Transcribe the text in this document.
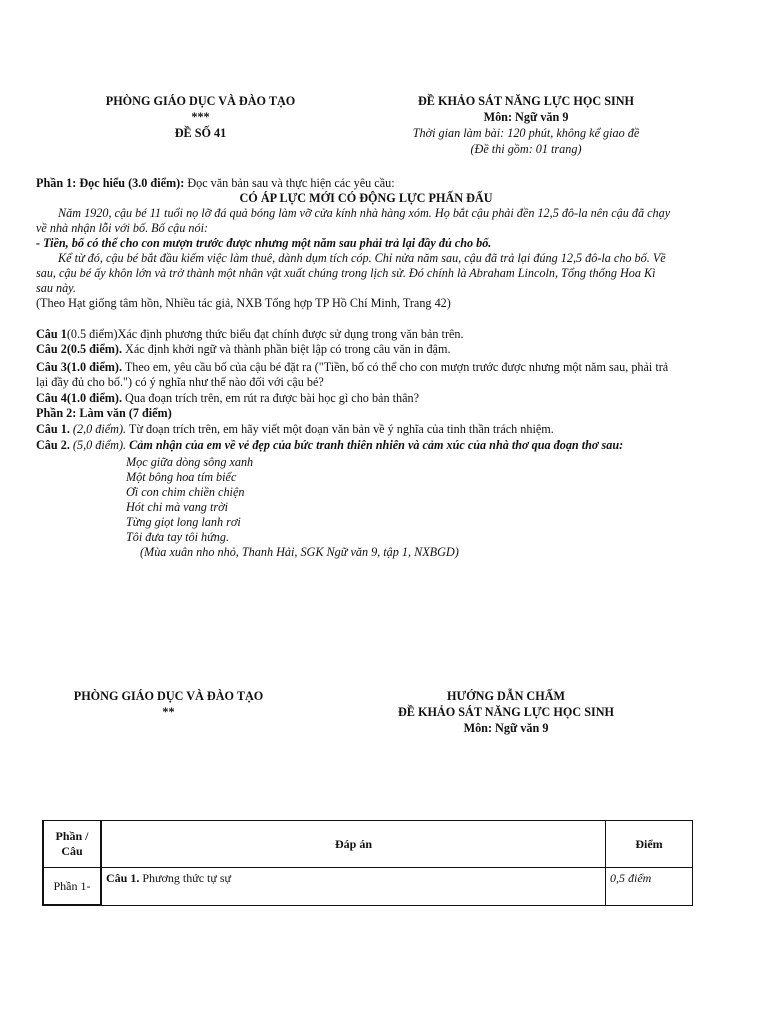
PHÒNG GIÁO DỤC VÀ ĐÀO TẠO
***
ĐỀ SỐ 41
ĐỀ KHẢO SÁT NĂNG LỰC HỌC SINH
Môn: Ngữ văn 9
Thời gian làm bài: 120 phút, không kể giao đề
(Đề thi gồm: 01 trang)
Phần 1: Đọc hiểu (3.0 điểm): Đọc văn bản sau và thực hiện các yêu cầu:
CÓ ÁP LỰC MỚI CÓ ĐỘNG LỰC PHẤN ĐẤU
Năm 1920, cậu bé 11 tuổi nọ lỡ đá quả bóng làm vỡ cửa kính nhà hàng xóm. Họ bắt cậu phải đền 12,5 đô-la nên cậu đã chạy
về nhà nhận lỗi với bố. Bố cậu nói:
- Tiền, bố có thể cho con mượn trước được nhưng một năm sau phải trả lại đầy đủ cho bố.
Kể từ đó, cậu bé bắt đầu kiếm việc làm thuê, dành dụm tích cóp. Chỉ nửa năm sau, cậu đã trả lại đúng 12,5 đô-la cho bố. Về
sau, cậu bé ấy khôn lớn và trở thành một nhân vật xuất chúng trong lịch sử. Đó chính là Abraham Lincoln, Tổng thống Hoa Kì
sau này.
(Theo Hạt giống tâm hồn, Nhiều tác giả, NXB Tổng hợp TP Hồ Chí Minh, Trang 42)
Câu 1(0.5 điểm)Xác định phương thức biểu đạt chính được sử dụng trong văn bản trên.
Câu 2(0.5 điểm). Xác định khởi ngữ và thành phần biệt lập có trong câu văn in đậm.
Câu 3(1.0 điểm). Theo em, yêu cầu bố của cậu bé đặt ra ("Tiền, bố có thể cho con mượn trước được nhưng một năm sau, phải trả
lại đầy đủ cho bố.") có ý nghĩa như thế nào đối với cậu bé?
Câu 4(1.0 điểm). Qua đoạn trích trên, em rút ra được bài học gì cho bản thân?
Phần 2: Làm văn (7 điểm)
Câu 1. (2,0 điểm). Từ đoạn trích trên, em hãy viết một đoạn văn bản về ý nghĩa của tinh thần trách nhiệm.
Câu 2. (5,0 điểm). Cảm nhận của em về vẻ đẹp của bức tranh thiên nhiên và cảm xúc của nhà thơ qua đoạn thơ sau:
Mọc giữa dòng sông xanh
Một bông hoa tím biếc
Ơi con chim chiền chiện
Hót chi mà vang trời
Từng giọt long lanh rơi
Tôi đưa tay tôi hứng.
(Mùa xuân nho nhỏ, Thanh Hải, SGK Ngữ văn 9, tập 1, NXBGD)
PHÒNG GIÁO DỤC VÀ ĐÀO TẠO
**
HƯỚNG DẪN CHẤM
ĐỀ KHẢO SÁT NĂNG LỰC HỌC SINH
Môn: Ngữ văn 9
Phần / Câu	Đáp án	Điểm
Phần 1-	Câu 1. Phương thức tự sự	0,5 điểm
